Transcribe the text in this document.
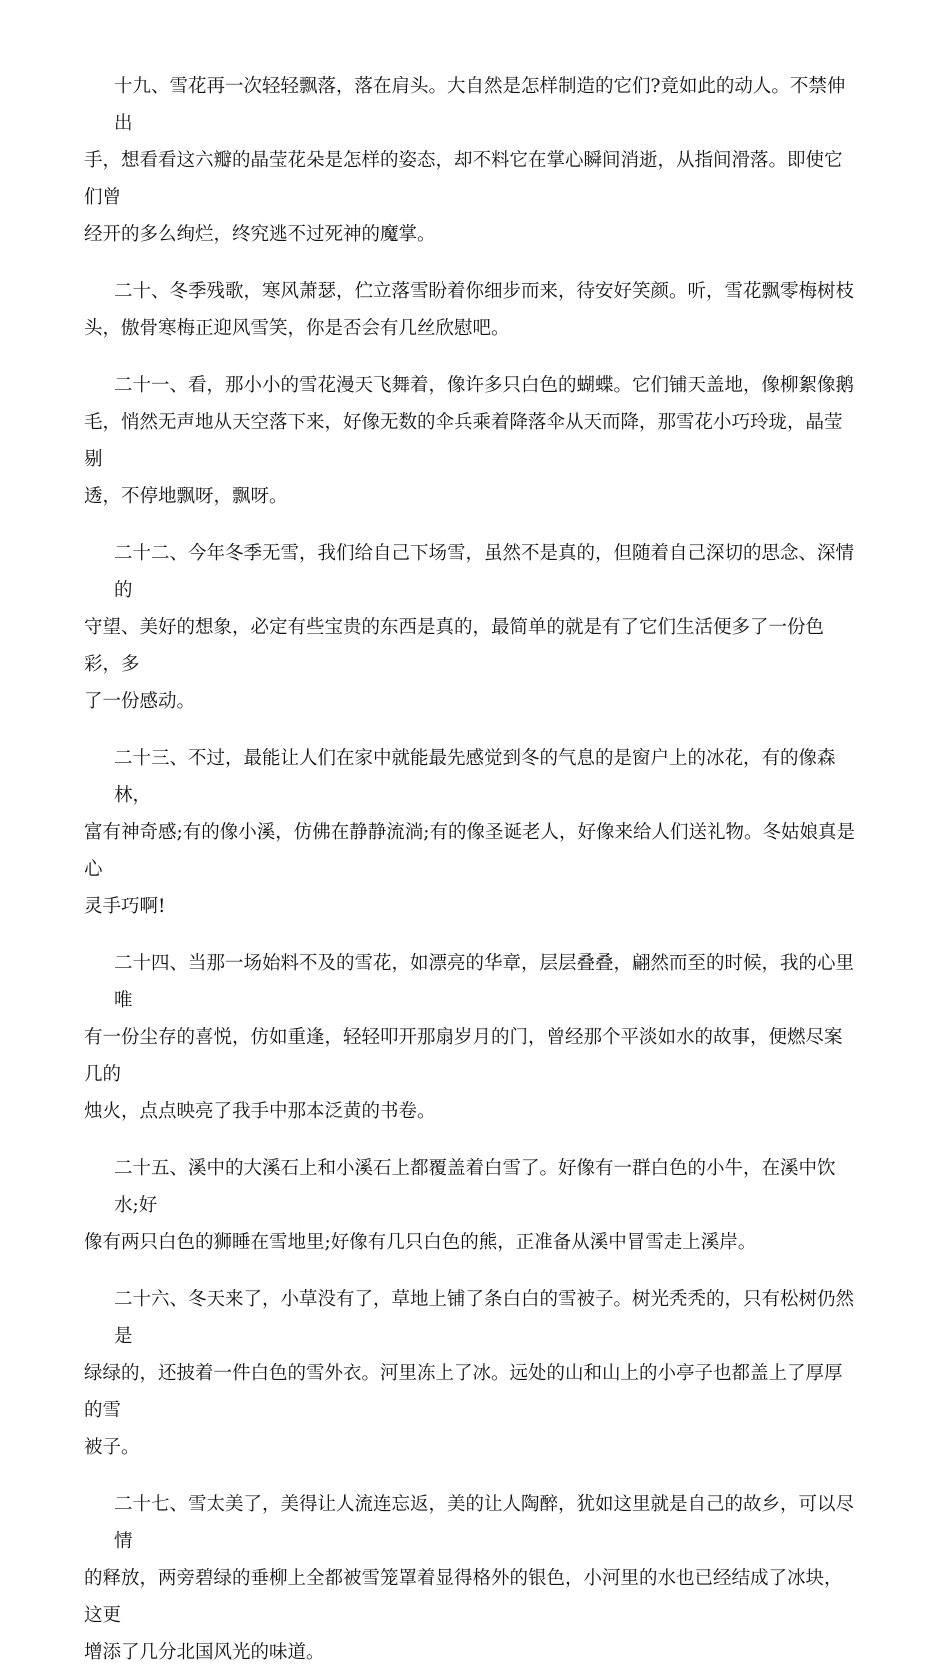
十九、雪花再一次轻轻飘落，落在肩头。大自然是怎样制造的它们?竟如此的动人。不禁伸出
手，想看看这六瓣的晶莹花朵是怎样的姿态，却不料它在掌心瞬间消逝，从指间滑落。即使它们曾
经开的多么绚烂，终究逃不过死神的魔掌。

二十、冬季残歌，寒风萧瑟，伫立落雪盼着你细步而来，待安好笑颜。听，雪花飘零梅树枝
头，傲骨寒梅正迎风雪笑，你是否会有几丝欣慰吧。

二十一、看，那小小的雪花漫天飞舞着，像许多只白色的蝴蝶。它们铺天盖地，像柳絮像鹅
毛，悄然无声地从天空落下来，好像无数的伞兵乘着降落伞从天而降，那雪花小巧玲珑，晶莹剔
透，不停地飘呀，飘呀。

二十二、今年冬季无雪，我们给自己下场雪，虽然不是真的，但随着自己深切的思念、深情的
守望、美好的想象，必定有些宝贵的东西是真的，最简单的就是有了它们生活便多了一份色彩，多
了一份感动。

二十三、不过，最能让人们在家中就能最先感觉到冬的气息的是窗户上的冰花，有的像森林，
富有神奇感;有的像小溪，仿佛在静静流淌;有的像圣诞老人，好像来给人们送礼物。冬姑娘真是心
灵手巧啊!

二十四、当那一场始料不及的雪花，如漂亮的华章，层层叠叠，翩然而至的时候，我的心里唯
有一份尘存的喜悦，仿如重逢，轻轻叩开那扇岁月的门，曾经那个平淡如水的故事，便燃尽案几的
烛火，点点映亮了我手中那本泛黄的书卷。

二十五、溪中的大溪石上和小溪石上都覆盖着白雪了。好像有一群白色的小牛，在溪中饮水;好
像有两只白色的狮睡在雪地里;好像有几只白色的熊，正准备从溪中冒雪走上溪岸。

二十六、冬天来了，小草没有了，草地上铺了条白白的雪被子。树光秃秃的，只有松树仍然是
绿绿的，还披着一件白色的雪外衣。河里冻上了冰。远处的山和山上的小亭子也都盖上了厚厚的雪
被子。

二十七、雪太美了，美得让人流连忘返，美的让人陶醉，犹如这里就是自己的故乡，可以尽情
的释放，两旁碧绿的垂柳上全都被雪笼罩着显得格外的银色，小河里的水也已经结成了冰块，这更
增添了几分北国风光的味道。
